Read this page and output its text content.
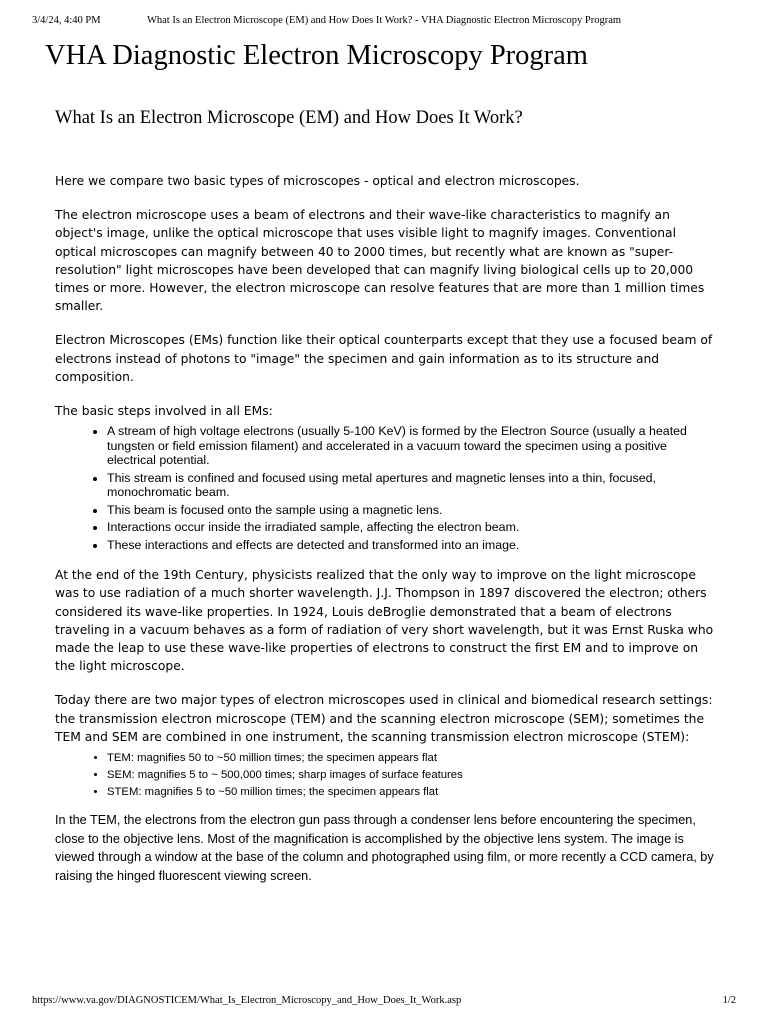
3/4/24, 4:40 PM	What Is an Electron Microscope (EM) and How Does It Work? - VHA Diagnostic Electron Microscopy Program
VHA Diagnostic Electron Microscopy Program
What Is an Electron Microscope (EM) and How Does It Work?

Here we compare two basic types of microscopes - optical and electron microscopes.

The electron microscope uses a beam of electrons and their wave-like characteristics to magnify an object's image, unlike the optical microscope that uses visible light to magnify images. Conventional optical microscopes can magnify between 40 to 2000 times, but recently what are known as "super-resolution" light microscopes have been developed that can magnify living biological cells up to 20,000 times or more. However, the electron microscope can resolve features that are more than 1 million times smaller.

Electron Microscopes (EMs) function like their optical counterparts except that they use a focused beam of electrons instead of photons to "image" the specimen and gain information as to its structure and composition.

The basic steps involved in all EMs:

• A stream of high voltage electrons (usually 5-100 KeV) is formed by the Electron Source (usually a heated tungsten or field emission filament) and accelerated in a vacuum toward the specimen using a positive electrical potential.
• This stream is confined and focused using metal apertures and magnetic lenses into a thin, focused, monochromatic beam.
• This beam is focused onto the sample using a magnetic lens.
• Interactions occur inside the irradiated sample, affecting the electron beam.
• These interactions and effects are detected and transformed into an image.

At the end of the 19th Century, physicists realized that the only way to improve on the light microscope was to use radiation of a much shorter wavelength. J.J. Thompson in 1897 discovered the electron; others considered its wave-like properties. In 1924, Louis deBroglie demonstrated that a beam of electrons traveling in a vacuum behaves as a form of radiation of very short wavelength, but it was Ernst Ruska who made the leap to use these wave-like properties of electrons to construct the first EM and to improve on the light microscope.

Today there are two major types of electron microscopes used in clinical and biomedical research settings: the transmission electron microscope (TEM) and the scanning electron microscope (SEM); sometimes the TEM and SEM are combined in one instrument, the scanning transmission electron microscope (STEM):

• TEM: magnifies 50 to ~50 million times; the specimen appears flat
• SEM: magnifies 5 to ~ 500,000 times; sharp images of surface features
• STEM: magnifies 5 to ~50 million times; the specimen appears flat

In the TEM, the electrons from the electron gun pass through a condenser lens before encountering the specimen, close to the objective lens. Most of the magnification is accomplished by the objective lens system. The image is viewed through a window at the base of the column and photographed using film, or more recently a CCD camera, by raising the hinged fluorescent viewing screen.

https://www.va.gov/DIAGNOSTICEM/What_Is_Electron_Microscopy_and_How_Does_It_Work.asp	1/2
